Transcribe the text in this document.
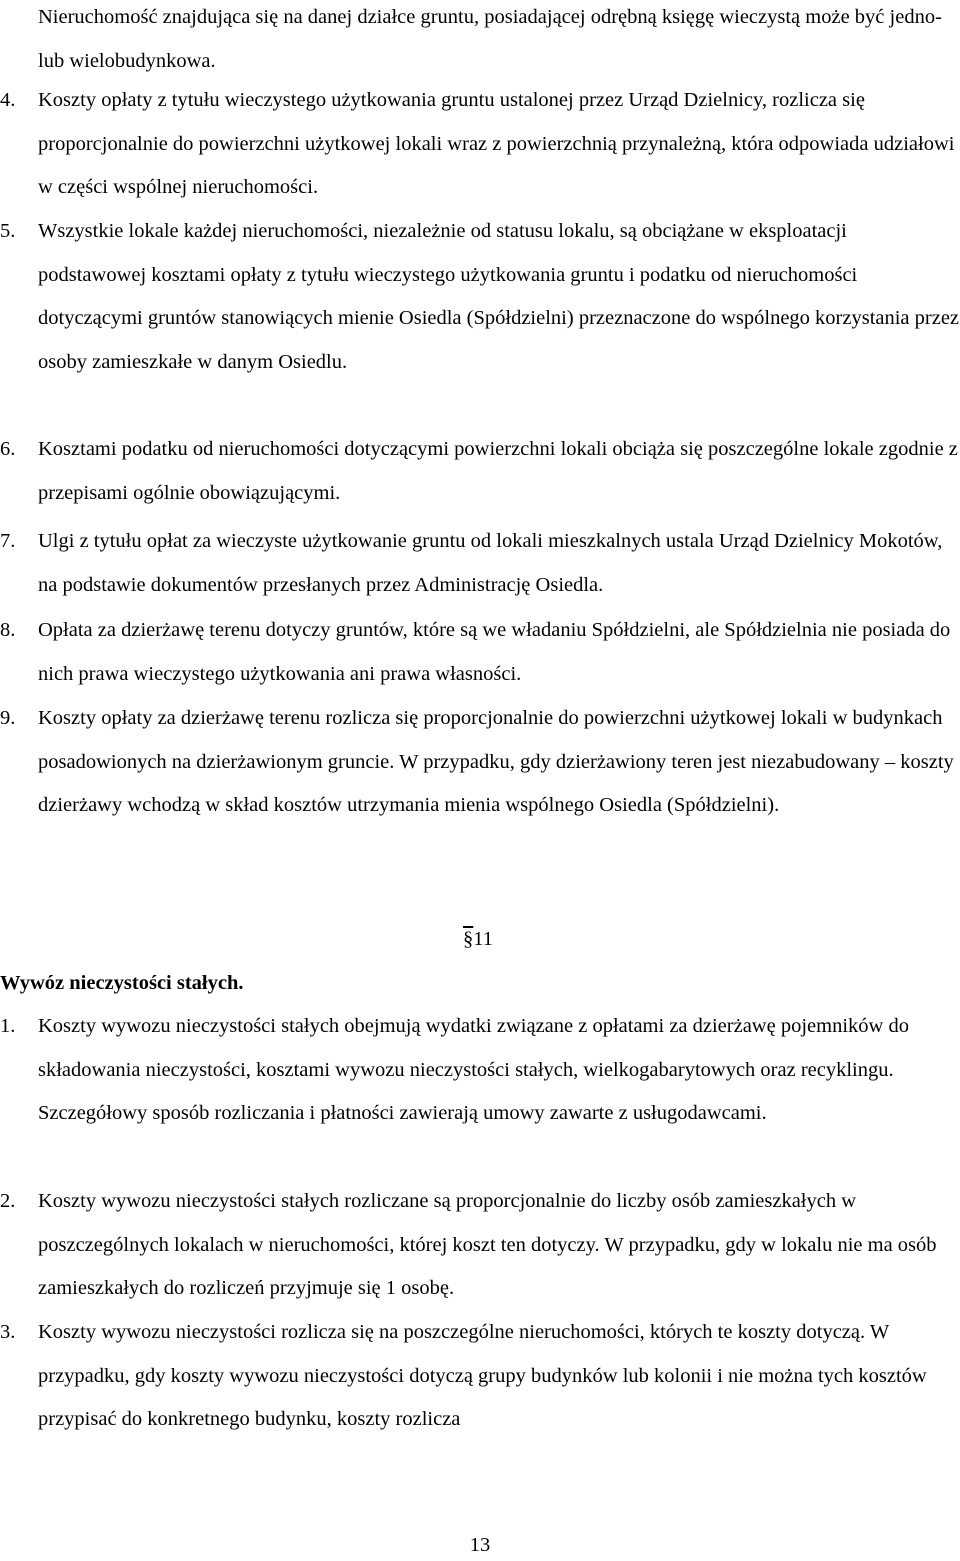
Nieruchomość znajdująca się na danej działce gruntu, posiadającej odrębną księgę wieczystą może być jedno- lub wielobudynkowa.
4. Koszty opłaty z tytułu wieczystego użytkowania gruntu ustalonej przez Urząd Dzielnicy, rozlicza się proporcjonalnie do powierzchni użytkowej lokali wraz z powierzchnią przynależną, która odpowiada udziałowi w części wspólnej nieruchomości.
5. Wszystkie lokale każdej nieruchomości, niezależnie od statusu lokalu, są obciążane w eksploatacji podstawowej kosztami opłaty z tytułu wieczystego użytkowania gruntu i podatku od nieruchomości dotyczącymi gruntów stanowiących mienie Osiedla (Spółdzielni) przeznaczone do wspólnego korzystania przez osoby zamieszkałe w danym Osiedlu.
6. Kosztami podatku od nieruchomości dotyczącymi powierzchni lokali obciąża się poszczególne lokale zgodnie z przepisami ogólnie obowiązującymi.
7. Ulgi z tytułu opłat za wieczyste użytkowanie gruntu od lokali mieszkalnych ustala Urząd Dzielnicy Mokotów, na podstawie dokumentów przesłanych przez Administrację Osiedla.
8. Opłata za dzierżawę terenu dotyczy gruntów, które są we władaniu Spółdzielni, ale Spółdzielnia nie posiada do nich prawa wieczystego użytkowania ani prawa własności.
9. Koszty opłaty za dzierżawę terenu rozlicza się proporcjonalnie do powierzchni użytkowej lokali w budynkach posadowionych na dzierżawionym gruncie. W przypadku, gdy dzierżawiony teren jest niezabudowany – koszty dzierżawy wchodzą w skład kosztów utrzymania mienia wspólnego Osiedla (Spółdzielni).
§11
Wywóz nieczystości stałych.
1. Koszty wywozu nieczystości stałych obejmują wydatki związane z opłatami za dzierżawę pojemników do składowania nieczystości, kosztami wywozu nieczystości stałych, wielkogabarytowych oraz recyklingu. Szczegółowy sposób rozliczania i płatności zawierają umowy zawarte z usługodawcami.
2. Koszty wywozu nieczystości stałych rozliczane są proporcjonalnie do liczby osób zamieszkałych w poszczególnych lokalach w nieruchomości, której koszt ten dotyczy. W przypadku, gdy w lokalu nie ma osób zamieszkałych do rozliczeń przyjmuje się 1 osobę.
3. Koszty wywozu nieczystości rozlicza się na poszczególne nieruchomości, których te koszty dotyczą. W przypadku, gdy koszty wywozu nieczystości dotyczą grupy budynków lub kolonii i nie można tych kosztów przypisać do konkretnego budynku, koszty rozlicza
13
